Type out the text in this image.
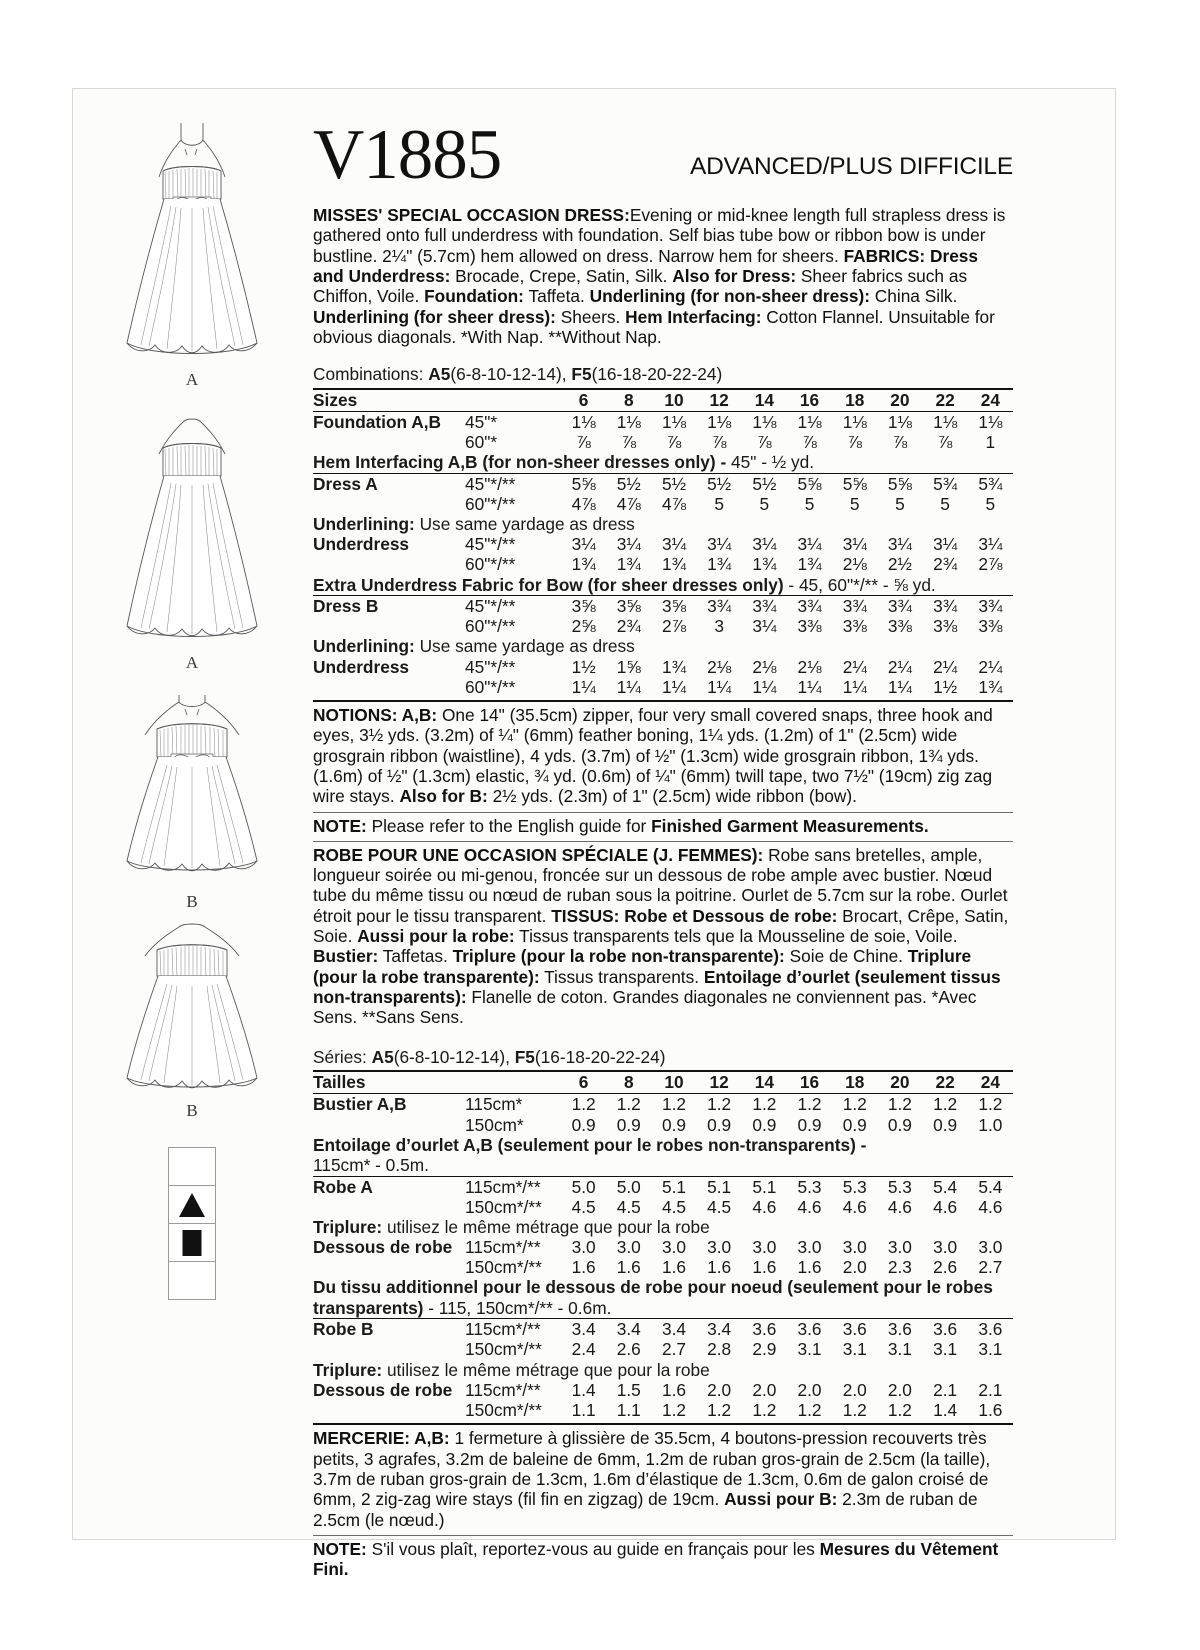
A
A
B
B
V1885	ADVANCED/PLUS DIFFICILE
MISSES' SPECIAL OCCASION DRESS:Evening or mid-knee length full strapless dress is gathered onto full underdress with foundation. Self bias tube bow or ribbon bow is under bustline. 2¼" (5.7cm) hem allowed on dress. Narrow hem for sheers. FABRICS: Dress and Underdress: Brocade, Crepe, Satin, Silk. Also for Dress: Sheer fabrics such as Chiffon, Voile. Foundation: Taffeta. Underlining (for non-sheer dress): China Silk. Underlining (for sheer dress): Sheers. Hem Interfacing: Cotton Flannel. Unsuitable for obvious diagonals. *With Nap. **Without Nap.
Combinations: A5(6-8-10-12-14), F5(16-18-20-22-24)
Sizes		6	8	10	12	14	16	18	20	22	24
Foundation A,B	45"*	1⅛	1⅛	1⅛	1⅛	1⅛	1⅛	1⅛	1⅛	1⅛	1⅛
	60"*	⅞	⅞	⅞	⅞	⅞	⅞	⅞	⅞	⅞	1
Hem Interfacing A,B (for non-sheer dresses only) - 45" - ½ yd.											
Dress A	45"*/**	5⅝	5½	5½	5½	5½	5⅝	5⅝	5⅝	5¾	5¾
	60"*/**	4⅞	4⅞	4⅞	5	5	5	5	5	5	5
Underlining: Use same yardage as dress											
Underdress	45"*/**	3¼	3¼	3¼	3¼	3¼	3¼	3¼	3¼	3¼	3¼
	60"*/**	1¾	1¾	1¾	1¾	1¾	1¾	2⅛	2½	2¾	2⅞
Extra Underdress Fabric for Bow (for sheer dresses only) - 45, 60"*/** - ⅝ yd.											
Dress B	45"*/**	3⅝	3⅝	3⅝	3¾	3¾	3¾	3¾	3¾	3¾	3¾
	60"*/**	2⅝	2¾	2⅞	3	3¼	3⅜	3⅜	3⅜	3⅜	3⅜
Underlining: Use same yardage as dress											
Underdress	45"*/**	1½	1⅝	1¾	2⅛	2⅛	2⅛	2¼	2¼	2¼	2¼
	60"*/**	1¼	1¼	1¼	1¼	1¼	1¼	1¼	1¼	1½	1¾
NOTIONS: A,B: One 14" (35.5cm) zipper, four very small covered snaps, three hook and eyes, 3½ yds. (3.2m) of ¼" (6mm) feather boning, 1¼ yds. (1.2m) of 1" (2.5cm) wide grosgrain ribbon (waistline), 4 yds. (3.7m) of ½" (1.3cm) wide grosgrain ribbon, 1¾ yds. (1.6m) of ½" (1.3cm) elastic, ¾ yd. (0.6m) of ¼" (6mm) twill tape, two 7½" (19cm) zig zag wire stays. Also for B: 2½ yds. (2.3m) of 1" (2.5cm) wide ribbon (bow).
NOTE: Please refer to the English guide for Finished Garment Measurements.
ROBE POUR UNE OCCASION SPÉCIALE (J. FEMMES): Robe sans bretelles, ample, longueur soirée ou mi-genou, froncée sur un dessous de robe ample avec bustier. Nœud tube du même tissu ou nœud de ruban sous la poitrine. Ourlet de 5.7cm sur la robe. Ourlet étroit pour le tissu transparent. TISSUS: Robe et Dessous de robe: Brocart, Crêpe, Satin, Soie. Aussi pour la robe: Tissus transparents tels que la Mousseline de soie, Voile. Bustier: Taffetas. Triplure (pour la robe non-transparente): Soie de Chine. Triplure (pour la robe transparente): Tissus transparents. Entoilage d’ourlet (seulement tissus non-transparents): Flanelle de coton. Grandes diagonales ne conviennent pas. *Avec Sens. **Sans Sens.
Séries: A5(6-8-10-12-14), F5(16-18-20-22-24)
Tailles		6	8	10	12	14	16	18	20	22	24
Bustier A,B	115cm*	1.2	1.2	1.2	1.2	1.2	1.2	1.2	1.2	1.2	1.2
	150cm*	0.9	0.9	0.9	0.9	0.9	0.9	0.9	0.9	0.9	1.0
Entoilage d’ourlet A,B (seulement pour le robes non-transparents) -
115cm* - 0.5m.											
Robe A	115cm*/**	5.0	5.0	5.1	5.1	5.1	5.3	5.3	5.3	5.4	5.4
	150cm*/**	4.5	4.5	4.5	4.5	4.6	4.6	4.6	4.6	4.6	4.6
Triplure: utilisez le même métrage que pour la robe											
Dessous de robe	115cm*/**	3.0	3.0	3.0	3.0	3.0	3.0	3.0	3.0	3.0	3.0
	150cm*/**	1.6	1.6	1.6	1.6	1.6	1.6	2.0	2.3	2.6	2.7
Du tissu additionnel pour le dessous de robe pour noeud (seulement pour le robes transparents) - 115, 150cm*/** - 0.6m.											
Robe B	115cm*/**	3.4	3.4	3.4	3.4	3.6	3.6	3.6	3.6	3.6	3.6
	150cm*/**	2.4	2.6	2.7	2.8	2.9	3.1	3.1	3.1	3.1	3.1
Triplure: utilisez le même métrage que pour la robe											
Dessous de robe	115cm*/**	1.4	1.5	1.6	2.0	2.0	2.0	2.0	2.0	2.1	2.1
	150cm*/**	1.1	1.1	1.2	1.2	1.2	1.2	1.2	1.2	1.4	1.6
MERCERIE: A,B: 1 fermeture à glissière de 35.5cm, 4 boutons-pression recouverts très petits, 3 agrafes, 3.2m de baleine de 6mm, 1.2m de ruban gros-grain de 2.5cm (la taille), 3.7m de ruban gros-grain de 1.3cm, 1.6m d’élastique de 1.3cm, 0.6m de galon croisé de 6mm, 2 zig-zag wire stays (fil fin en zigzag) de 19cm. Aussi pour B: 2.3m de ruban de 2.5cm (le nœud.)
NOTE: S'il vous plaît, reportez-vous au guide en français pour les Mesures du Vêtement Fini.
